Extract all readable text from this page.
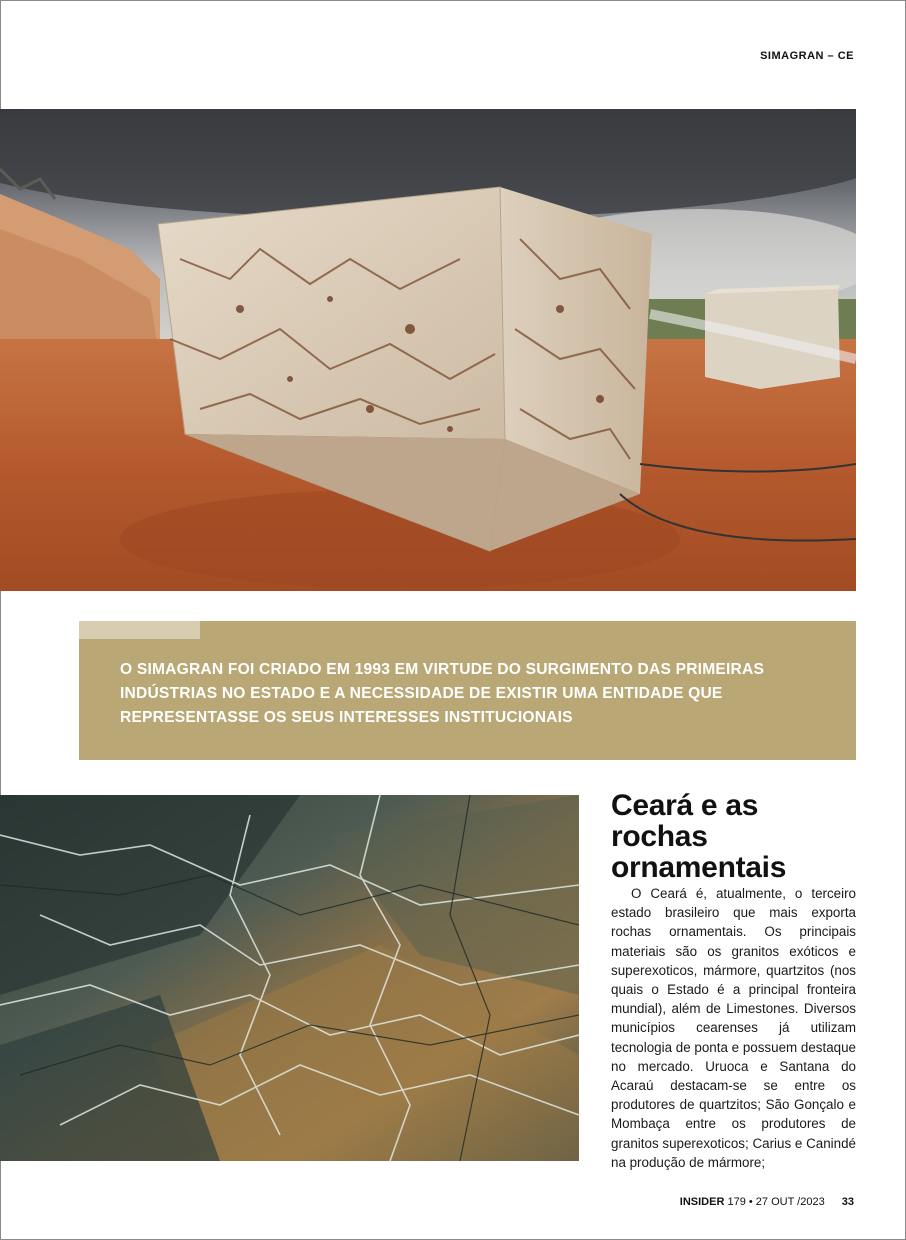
SIMAGRAN – CE

O SIMAGRAN FOI CRIADO EM 1993 EM VIRTUDE DO SURGIMENTO DAS PRIMEIRAS INDÚSTRIAS NO ESTADO E A NECESSIDADE DE EXISTIR UMA ENTIDADE QUE REPRESENTASSE OS SEUS INTERESSES INSTITUCIONAIS

Ceará e as rochas ornamentais

O Ceará é, atualmente, o terceiro estado brasileiro que mais exporta rochas ornamentais. Os principais materiais são os granitos exóticos e superexoticos, mármore, quartzitos (nos quais o Estado é a principal fronteira mundial), além de Limestones. Diversos municípios cearenses já utilizam tecnologia de ponta e possuem destaque no mercado. Uruoca e Santana do Acaraú destacam-se se entre os produtores de quartzitos; São Gonçalo e Mombaça entre os produtores de granitos superexoticos; Carius e Canindé na produção de mármore;

INSIDER 179 • 27 OUT /2023 33
